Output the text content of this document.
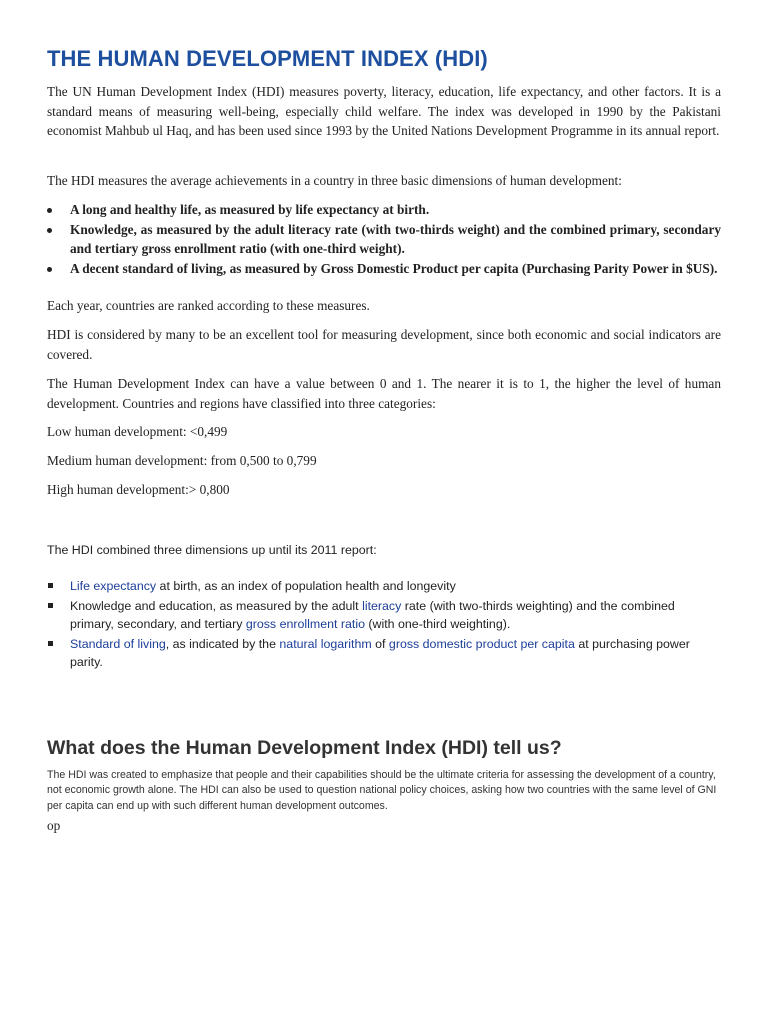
THE HUMAN DEVELOPMENT INDEX (HDI)

The UN Human Development Index (HDI) measures poverty, literacy, education, life expectancy, and other factors. It is a standard means of measuring well-being, especially child welfare. The index was developed in 1990 by the Pakistani economist Mahbub ul Haq, and has been used since 1993 by the United Nations Development Programme in its annual report.

The HDI measures the average achievements in a country in three basic dimensions of human development:

A long and healthy life, as measured by life expectancy at birth.
Knowledge, as measured by the adult literacy rate (with two-thirds weight) and the combined primary, secondary and tertiary gross enrollment ratio (with one-third weight).
A decent standard of living, as measured by Gross Domestic Product per capita (Purchasing Parity Power in $US).

Each year, countries are ranked according to these measures.

HDI is considered by many to be an excellent tool for measuring development, since both economic and social indicators are covered.

The Human Development Index can have a value between 0 and 1. The nearer it is to 1, the higher the level of human development. Countries and regions have classified into three categories:

Low human development: <0,499

Medium human development: from 0,500 to 0,799

High human development:> 0,800

The HDI combined three dimensions up until its 2011 report:

Life expectancy at birth, as an index of population health and longevity
Knowledge and education, as measured by the adult literacy rate (with two-thirds weighting) and the combined primary, secondary, and tertiary gross enrollment ratio (with one-third weighting).
Standard of living, as indicated by the natural logarithm of gross domestic product per capita at purchasing power parity.
What does the Human Development Index (HDI) tell us?

The HDI was created to emphasize that people and their capabilities should be the ultimate criteria for assessing the development of a country, not economic growth alone. The HDI can also be used to question national policy choices, asking how two countries with the same level of GNI per capita can end up with such different human development outcomes.

op
